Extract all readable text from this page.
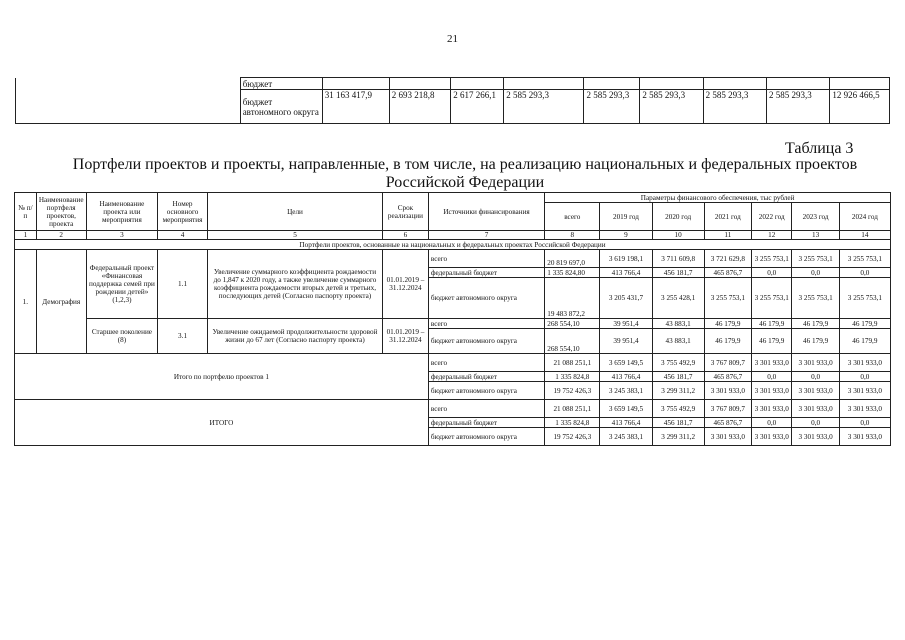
21
	бюджет									
	бюджет автономного округа	31 163 417,9	2 693 218,8	2 617 266,1	2 585 293,3	2 585 293,3	2 585 293,3	2 585 293,3	2 585 293,3	12 926 466,5
Таблица 3
Портфели проектов и проекты, направленные, в том числе, на реализацию национальных и федеральных проектов
Российской Федерации
№ п/п	Наименование портфеля проектов, проекта	Наименование проекта или мероприятия	Номер основного мероприятия	Цели	Срок реализации	Источники финансирования	Параметры финансового обеспечения, тыс рублей						
							всего	2019 год	2020 год	2021 год	2022 год	2023 год	2024 год
1	2	3	4	5	6	7	8	9	10	11	12	13	14
Портфели проектов, основанные на национальных и федеральных проектах Российской Федерации													
1.	Демография	Федеральный проект «Финансовая поддержка семей при рождении детей» (1,2,3)	1.1	Увеличение суммарного коэффициента рождаемости до 1,847 к 2020 году, а также увеличение суммарного коэффициента рождаемости вторых детей и третьих, последующих детей (Согласно паспорту проекта)	01.01.2019 – 31.12.2024	всего	20 819 697,0	3 619 198,1	3 711 609,8	3 721 629,8	3 255 753,1	3 255 753,1	3 255 753,1
						федеральный бюджет	1 335 824,80	413 766,4	456 181,7	465 876,7	0,0	0,0	0,0
						бюджет автономного округа	19 483 872,2	3 205 431,7	3 255 428,1	3 255 753,1	3 255 753,1	3 255 753,1	3 255 753,1
		Старшее поколение (8)	3.1	Увеличение ожидаемой продолжительности здоровой жизни до 67 лет (Согласно паспорту проекта)	01.01.2019 – 31.12.2024	всего	268 554,10	39 951,4	43 883,1	46 179,9	46 179,9	46 179,9	46 179,9
						бюджет автономного округа	268 554,10	39 951,4	43 883,1	46 179,9	46 179,9	46 179,9	46 179,9
Итого по портфелю проектов 1						всего	21 088 251,1	3 659 149,5	3 755 492,9	3 767 809,7	3 301 933,0	3 301 933,0	3 301 933,0
						федеральный бюджет	1 335 824,8	413 766,4	456 181,7	465 876,7	0,0	0,0	0,0
						бюджет автономного округа	19 752 426,3	3 245 383,1	3 299 311,2	3 301 933,0	3 301 933,0	3 301 933,0	3 301 933,0
ИТОГО						всего	21 088 251,1	3 659 149,5	3 755 492,9	3 767 809,7	3 301 933,0	3 301 933,0	3 301 933,0
						федеральный бюджет	1 335 824,8	413 766,4	456 181,7	465 876,7	0,0	0,0	0,0
						бюджет автономного округа	19 752 426,3	3 245 383,1	3 299 311,2	3 301 933,0	3 301 933,0	3 301 933,0	3 301 933,0
